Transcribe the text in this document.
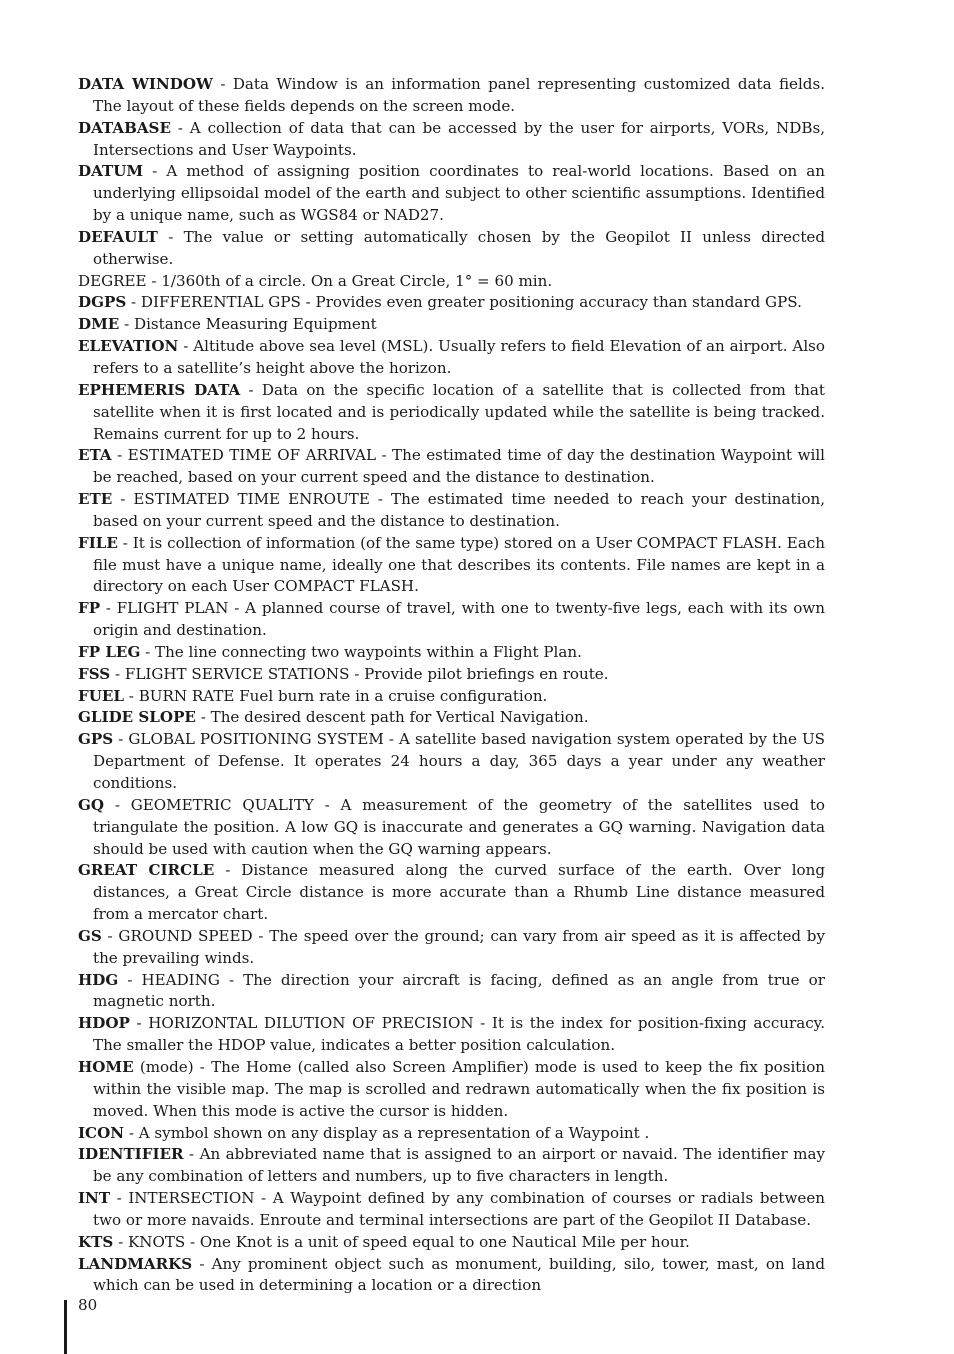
DATA WINDOW - Data Window is an information panel representing customized data fields. The layout of these fields depends on the screen mode.

DATABASE - A collection of data that can be accessed by the user for airports, VORs, NDBs, Intersections and User Waypoints.

DATUM - A method of assigning position coordinates to real-world locations. Based on an underlying ellipsoidal model of the earth and subject to other scientific assumptions. Identified by a unique name, such as WGS84 or NAD27.

DEFAULT - The value or setting automatically chosen by the Geopilot II unless directed otherwise.

DEGREE - 1/360th of a circle. On a Great Circle, 1° = 60 min.

DGPS - DIFFERENTIAL GPS - Provides even greater positioning accuracy than standard GPS.

DME - Distance Measuring Equipment

ELEVATION - Altitude above sea level (MSL). Usually refers to field Elevation of an airport. Also refers to a satellite’s height above the horizon.

EPHEMERIS DATA - Data on the specific location of a satellite that is collected from that satellite when it is first located and is periodically updated while the satellite is being tracked. Remains current for up to 2 hours.

ETA - ESTIMATED TIME OF ARRIVAL - The estimated time of day the destination Waypoint will be reached, based on your current speed and the distance to destination.

ETE - ESTIMATED TIME ENROUTE - The estimated time needed to reach your destination, based on your current speed and the distance to destination.

FILE - It is collection of information (of the same type) stored on a User COMPACT FLASH. Each file must have a unique name, ideally one that describes its contents. File names are kept in a directory on each User COMPACT FLASH.

FP - FLIGHT PLAN - A planned course of travel, with one to twenty-five legs, each with its own origin and destination.

FP LEG - The line connecting two waypoints within a Flight Plan.

FSS - FLIGHT SERVICE STATIONS - Provide pilot briefings en route.

FUEL - BURN RATE Fuel burn rate in a cruise configuration.

GLIDE SLOPE - The desired descent path for Vertical Navigation.

GPS - GLOBAL POSITIONING SYSTEM - A satellite based navigation system operated by the US Department of Defense. It operates 24 hours a day, 365 days a year under any weather conditions.

GQ - GEOMETRIC QUALITY - A measurement of the geometry of the satellites used to triangulate the position. A low GQ is inaccurate and generates a GQ warning. Navigation data should be used with caution when the GQ warning appears.

GREAT CIRCLE - Distance measured along the curved surface of the earth. Over long distances, a Great Circle distance is more accurate than a Rhumb Line distance measured from a mercator chart.

GS - GROUND SPEED - The speed over the ground; can vary from air speed as it is affected by the prevailing winds.

HDG - HEADING - The direction your aircraft is facing, defined as an angle from true or magnetic north.

HDOP - HORIZONTAL DILUTION OF PRECISION - It is the index for position-fixing accuracy. The smaller the HDOP value, indicates a better position calculation.

HOME (mode) - The Home (called also Screen Amplifier) mode is used to keep the fix position within the visible map. The map is scrolled and redrawn automatically when the fix position is moved. When this mode is active the cursor is hidden.

ICON - A symbol shown on any display as a representation of a Waypoint .

IDENTIFIER - An abbreviated name that is assigned to an airport or navaid. The identifier may be any combination of letters and numbers, up to five characters in length.

INT - INTERSECTION - A Waypoint defined by any combination of courses or radials between two or more navaids. Enroute and terminal intersections are part of the Geopilot II Database.

KTS - KNOTS - One Knot is a unit of speed equal to one Nautical Mile per hour.

LANDMARKS - Any prominent object such as monument, building, silo, tower, mast, on land which can be used in determining a location or a direction

80
